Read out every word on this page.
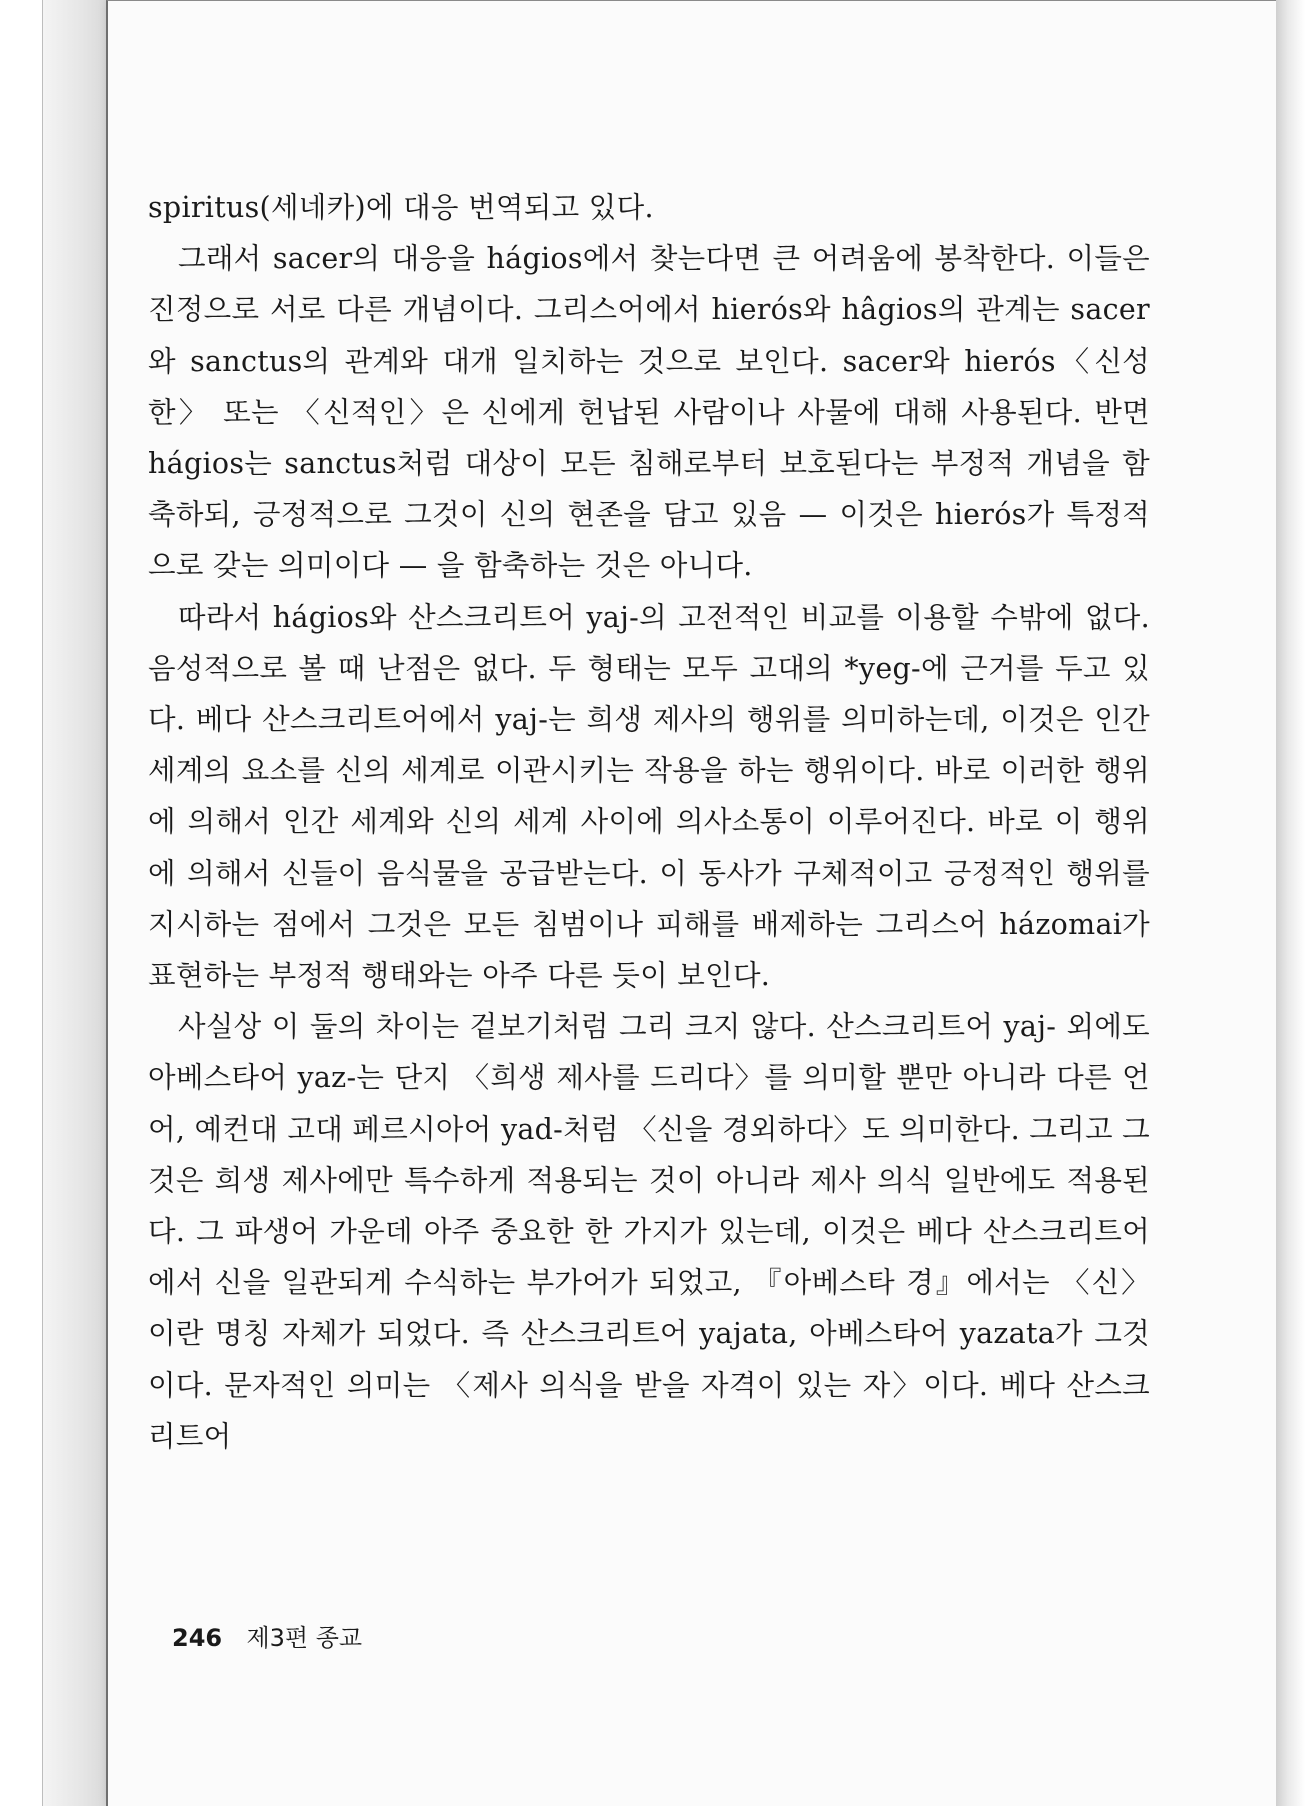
spiritus(세네카)에 대응 번역되고 있다.

그래서 sacer의 대응을 hágios에서 찾는다면 큰 어려움에 봉착한다. 이들은 진정으로 서로 다른 개념이다. 그리스어에서 hierós와 hâgios의 관계는 sacer와 sanctus의 관계와 대개 일치하는 것으로 보인다. sacer와 hierós〈신성한〉 또는 〈신적인〉은 신에게 헌납된 사람이나 사물에 대해 사용된다. 반면 hágios는 sanctus처럼 대상이 모든 침해로부터 보호된다는 부정적 개념을 함축하되, 긍정적으로 그것이 신의 현존을 담고 있음 — 이것은 hierós가 특정적으로 갖는 의미이다 — 을 함축하는 것은 아니다.

따라서 hágios와 산스크리트어 yaj-의 고전적인 비교를 이용할 수밖에 없다. 음성적으로 볼 때 난점은 없다. 두 형태는 모두 고대의 *yeg-에 근거를 두고 있다. 베다 산스크리트어에서 yaj-는 희생 제사의 행위를 의미하는데, 이것은 인간 세계의 요소를 신의 세계로 이관시키는 작용을 하는 행위이다. 바로 이러한 행위에 의해서 인간 세계와 신의 세계 사이에 의사소통이 이루어진다. 바로 이 행위에 의해서 신들이 음식물을 공급받는다. 이 동사가 구체적이고 긍정적인 행위를 지시하는 점에서 그것은 모든 침범이나 피해를 배제하는 그리스어 házomai가 표현하는 부정적 행태와는 아주 다른 듯이 보인다.

사실상 이 둘의 차이는 겉보기처럼 그리 크지 않다. 산스크리트어 yaj- 외에도 아베스타어 yaz-는 단지 〈희생 제사를 드리다〉를 의미할 뿐만 아니라 다른 언어, 예컨대 고대 페르시아어 yad-처럼 〈신을 경외하다〉도 의미한다. 그리고 그것은 희생 제사에만 특수하게 적용되는 것이 아니라 제사 의식 일반에도 적용된다. 그 파생어 가운데 아주 중요한 한 가지가 있는데, 이것은 베다 산스크리트어에서 신을 일관되게 수식하는 부가어가 되었고, 『아베스타 경』에서는 〈신〉이란 명칭 자체가 되었다. 즉 산스크리트어 yajata, 아베스타어 yazata가 그것이다. 문자적인 의미는 〈제사 의식을 받을 자격이 있는 자〉이다. 베다 산스크리트어

246 제3편 종교
